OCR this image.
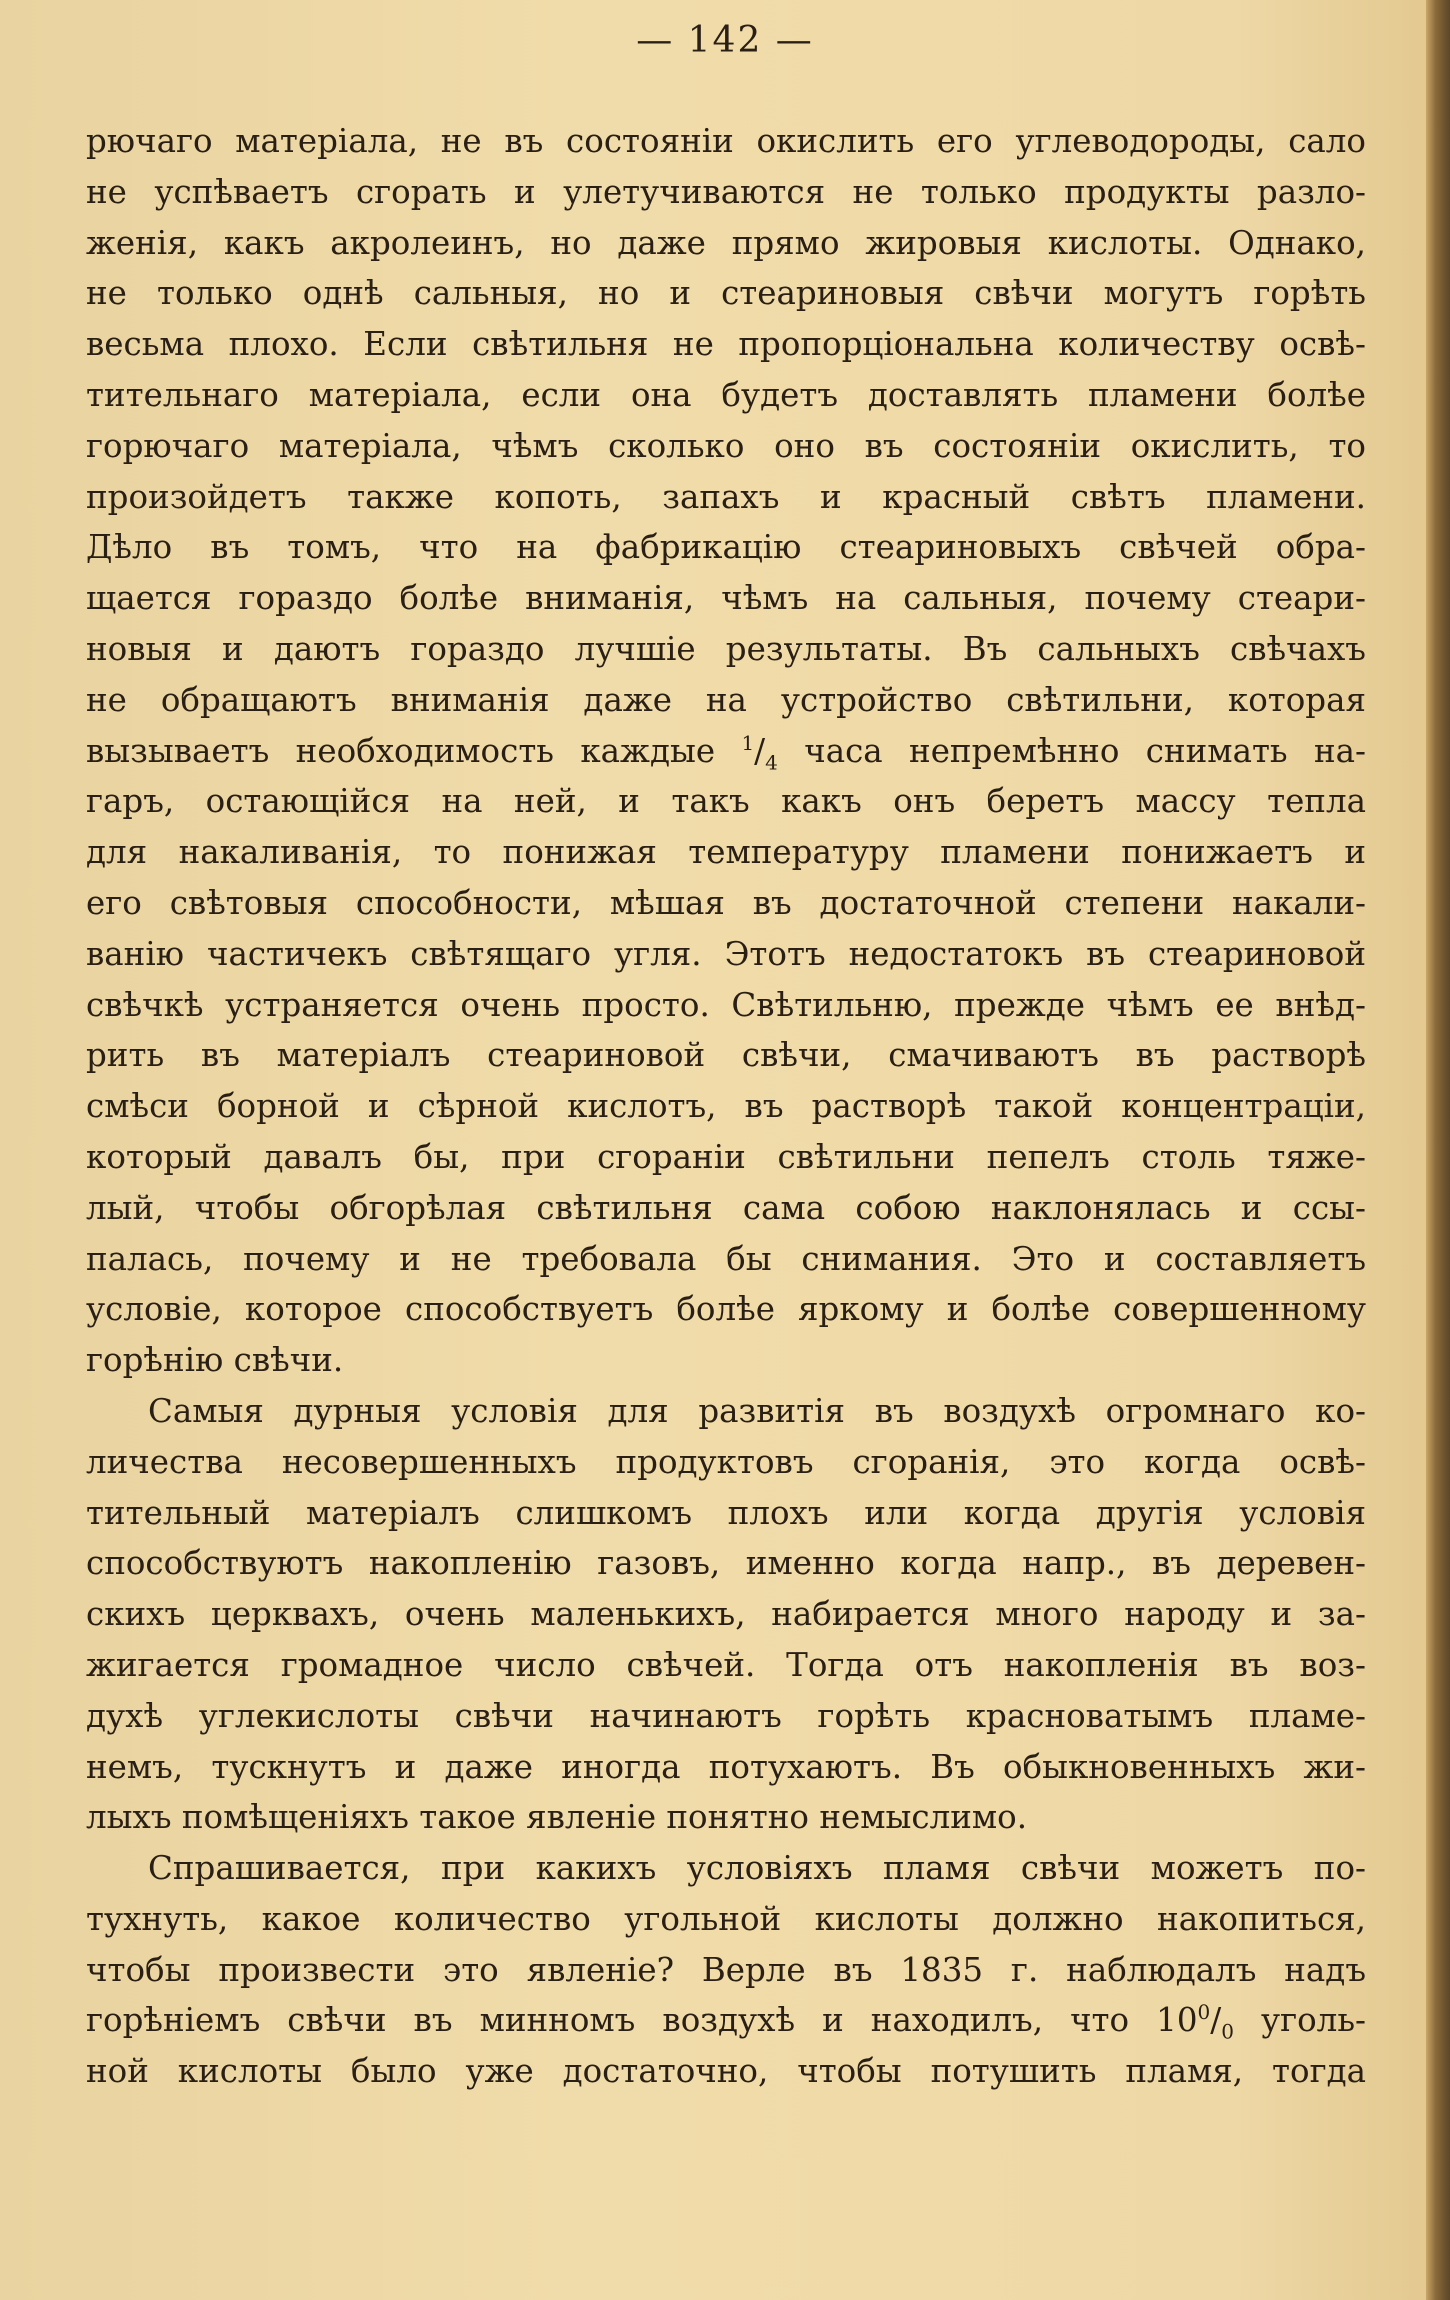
— 142 —
рючаго матеріала, не въ состояніи окислить его углеводороды, сало
не успѣваетъ сгорать и улетучиваются не только продукты разло-
женія, какъ акролеинъ, но даже прямо жировыя кислоты. Однако,
не только однѣ сальныя, но и стеариновыя свѣчи могутъ горѣть
весьма плохо. Если свѣтильня не пропорціональна количеству освѣ-
тительнаго матеріала, если она будетъ доставлять пламени болѣе
горючаго матеріала, чѣмъ сколько оно въ состояніи окислить, то
произойдетъ также копоть, запахъ и красный свѣтъ пламени.
Дѣло въ томъ, что на фабрикацію стеариновыхъ свѣчей обра-
щается гораздо болѣе вниманія, чѣмъ на сальныя, почему стеари-
новыя и даютъ гораздо лучшіе результаты. Въ сальныхъ свѣчахъ
не обращаютъ вниманія даже на устройство свѣтильни, которая
вызываетъ необходимость каждые $^1/_4$ часа непремѣнно снимать на-
гаръ, остающійся на ней, и такъ какъ онъ беретъ массу тепла
для накаливанія, то понижая температуру пламени понижаетъ и
его свѣтовыя способности, мѣшая въ достаточной степени накали-
ванію частичекъ свѣтящаго угля. Этотъ недостатокъ въ стеариновой
свѣчкѣ устраняется очень просто. Свѣтильню, прежде чѣмъ ее внѣд-
рить въ матеріалъ стеариновой свѣчи, смачиваютъ въ растворѣ
смѣси борной и сѣрной кислотъ, въ растворѣ такой концентраціи,
который давалъ бы, при сгораніи свѣтильни пепелъ столь тяже-
лый, чтобы обгорѣлая свѣтильня сама собою наклонялась и ссы-
палась, почему и не требовала бы снимания. Это и составляетъ
условіе, которое способствуетъ болѣе яркому и болѣе совершенному
горѣнію свѣчи.
Самыя дурныя условія для развитія въ воздухѣ огромнаго ко-
личества несовершенныхъ продуктовъ сгоранія, это когда освѣ-
тительный матеріалъ слишкомъ плохъ или когда другія условія
способствуютъ накопленію газовъ, именно когда напр., въ деревен-
скихъ церквахъ, очень маленькихъ, набирается много народу и за-
жигается громадное число свѣчей. Тогда отъ накопленія въ воз-
духѣ углекислоты свѣчи начинаютъ горѣть красноватымъ пламе-
немъ, тускнутъ и даже иногда потухаютъ. Въ обыкновенныхъ жи-
лыхъ помѣщеніяхъ такое явленіе понятно немыслимо.
Спрашивается, при какихъ условіяхъ пламя свѣчи можетъ по-
тухнуть, какое количество угольной кислоты должно накопиться,
чтобы произвести это явленіе? Верле въ 1835 г. наблюдалъ надъ
горѣніемъ свѣчи въ минномъ воздухѣ и находилъ, что $10^0/_0$ уголь-
ной кислоты было уже достаточно, чтобы потушить пламя, тогда
